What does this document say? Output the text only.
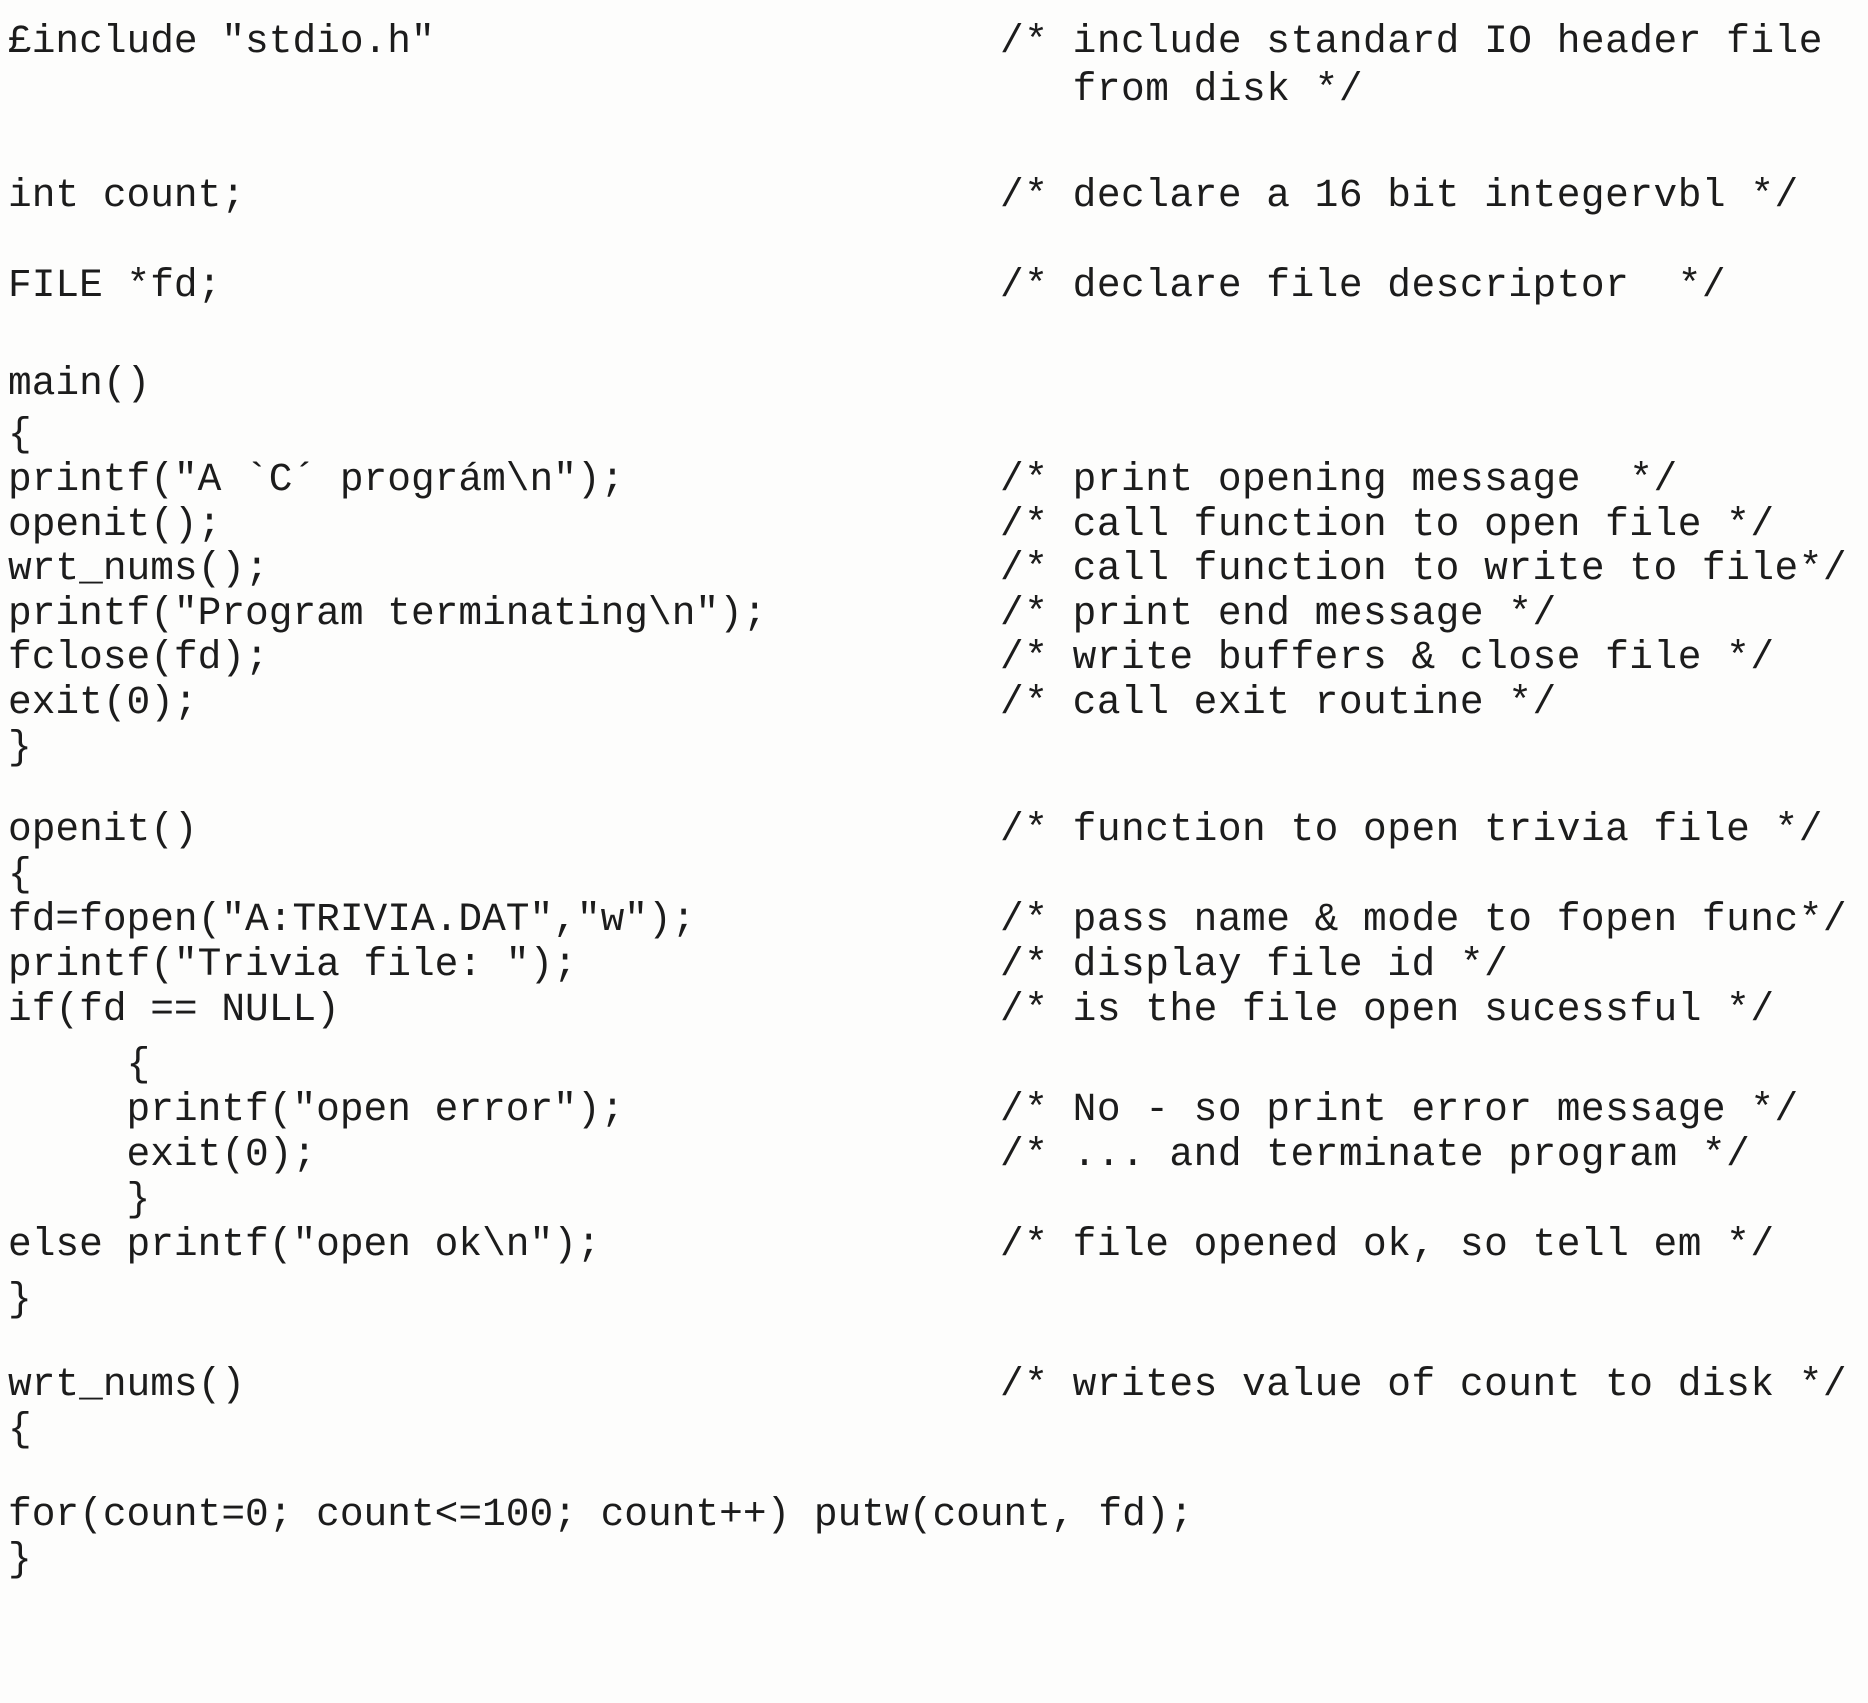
£include "stdio.h"	/* include standard IO header file
from disk */
int count;	/* declare a 16 bit integervbl */
FILE *fd;	/* declare file descriptor  */
main()
{
printf("A `C´ prográm\n");	/* print opening message  */
openit();	/* call function to open file */
wrt_nums();	/* call function to write to file*/
printf("Program terminating\n");	/* print end message */
fclose(fd);	/* write buffers & close file */
exit(0);	/* call exit routine */
}
openit()	/* function to open trivia file */
{
fd=fopen("A:TRIVIA.DAT","w");	/* pass name & mode to fopen func*/
printf("Trivia file: ");	/* display file id */
if(fd == NULL)	/* is the file open sucessful */
{
printf("open error");	/* No - so print error message */
exit(0);	/* ... and terminate program */
}
else printf("open ok\n");	/* file opened ok, so tell em */
}
wrt_nums()	/* writes value of count to disk */
{
for(count=0; count<=100; count++) putw(count, fd);
}
